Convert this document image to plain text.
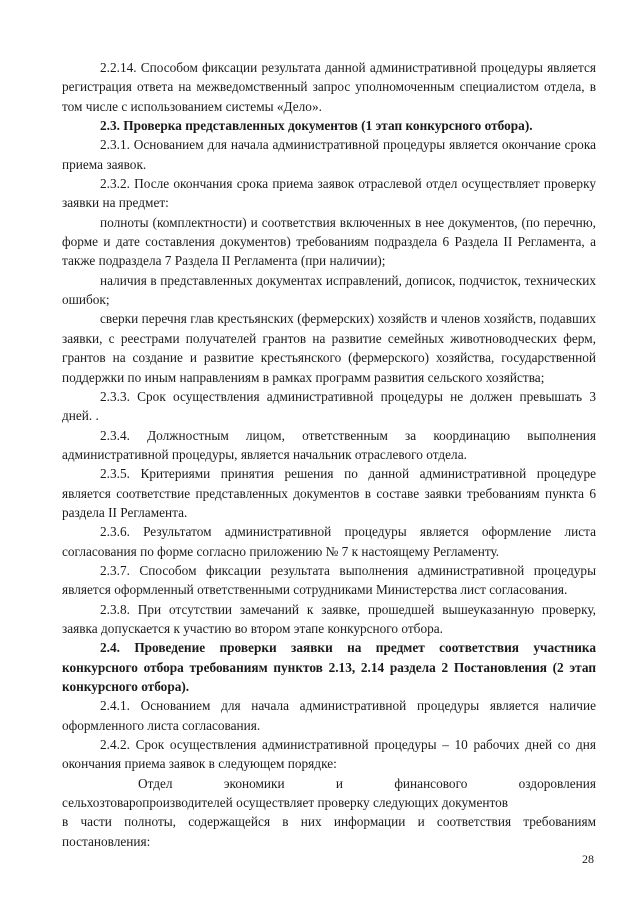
2.2.14. Способом фиксации результата данной административной процедуры является регистрация ответа на межведомственный запрос уполномоченным специалистом отдела, в том числе с использованием системы «Дело».

2.3. Проверка представленных документов (1 этап конкурсного отбора).

2.3.1. Основанием для начала административной процедуры является окончание срока приема заявок.

2.3.2. После окончания срока приема заявок отраслевой отдел осуществляет проверку заявки на предмет:

полноты (комплектности) и соответствия включенных в нее документов, (по перечню, форме и дате составления документов) требованиям подраздела 6 Раздела II Регламента, а также подраздела 7 Раздела II Регламента (при наличии);

наличия в представленных документах исправлений, дописок, подчисток, технических ошибок;

сверки перечня глав крестьянских (фермерских) хозяйств и членов хозяйств, подавших заявки, с реестрами получателей грантов на развитие семейных животноводческих ферм, грантов на создание и развитие крестьянского (фермерского) хозяйства, государственной поддержки по иным направлениям в рамках программ развития сельского хозяйства;

2.3.3. Срок осуществления административной процедуры не должен превышать 3 дней. .

2.3.4. Должностным лицом, ответственным за координацию выполнения административной процедуры, является начальник отраслевого отдела.

2.3.5. Критериями принятия решения по данной административной процедуре является соответствие представленных документов в составе заявки требованиям пункта 6 раздела II Регламента.

2.3.6. Результатом административной процедуры является оформление листа согласования по форме согласно приложению № 7 к настоящему Регламенту.

2.3.7. Способом фиксации результата выполнения административной процедуры является оформленный ответственными сотрудниками Министерства лист согласования.

2.3.8. При отсутствии замечаний к заявке, прошедшей вышеуказанную проверку, заявка допускается к участию во втором этапе конкурсного отбора.

2.4. Проведение проверки заявки на предмет соответствия участника конкурсного отбора требованиям пунктов 2.13, 2.14 раздела 2 Постановления (2 этап конкурсного отбора).

2.4.1. Основанием для начала административной процедуры является наличие оформленного листа согласования.

2.4.2. Срок осуществления административной процедуры – 10 рабочих дней со дня окончания приема заявок в следующем порядке:

Отдел экономики и финансового оздоровления
сельхозтоваропроизводителей осуществляет проверку следующих документов
в части полноты, содержащейся в них информации и соответствия требованиям постановления:
28
